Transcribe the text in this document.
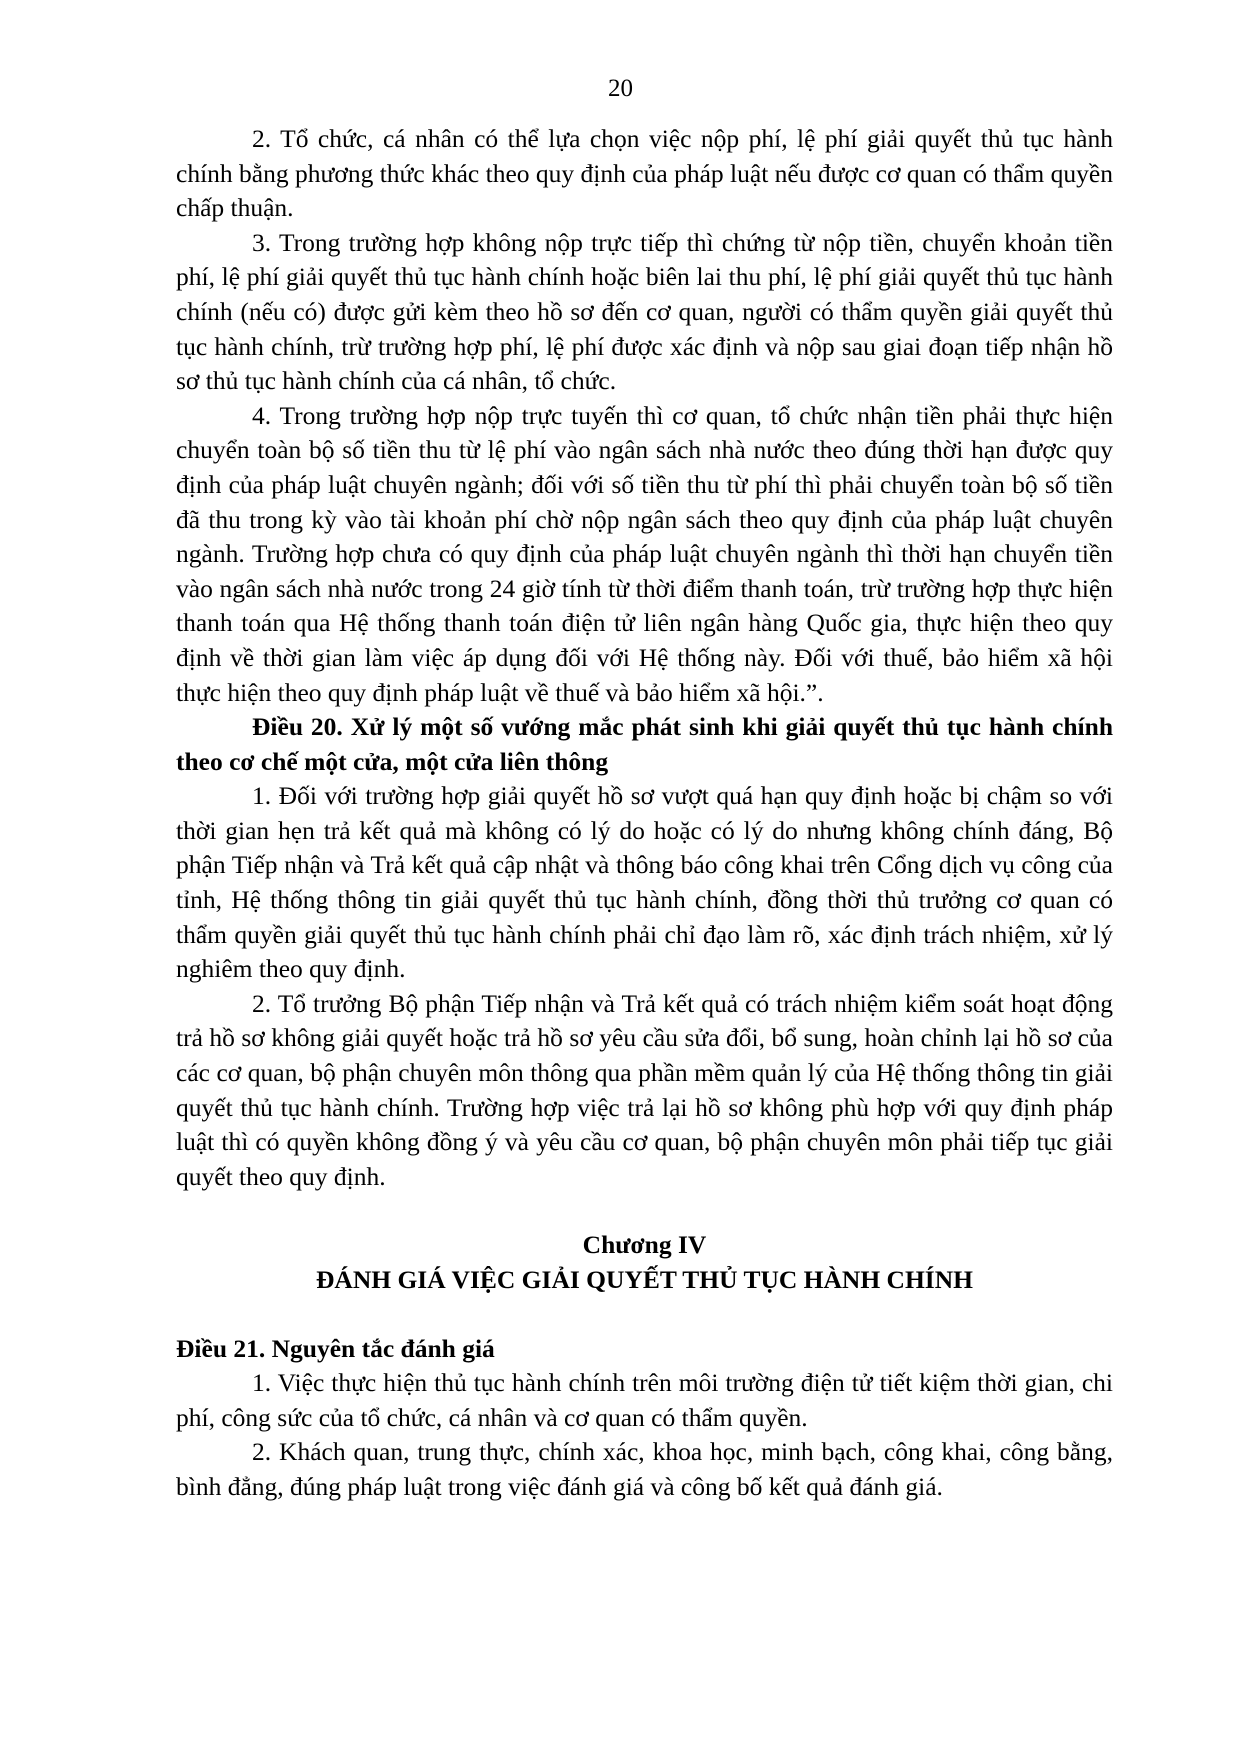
20

2. Tổ chức, cá nhân có thể lựa chọn việc nộp phí, lệ phí giải quyết thủ tục hành chính bằng phương thức khác theo quy định của pháp luật nếu được cơ quan có thẩm quyền chấp thuận.

3. Trong trường hợp không nộp trực tiếp thì chứng từ nộp tiền, chuyển khoản tiền phí, lệ phí giải quyết thủ tục hành chính hoặc biên lai thu phí, lệ phí giải quyết thủ tục hành chính (nếu có) được gửi kèm theo hồ sơ đến cơ quan, người có thẩm quyền giải quyết thủ tục hành chính, trừ trường hợp phí, lệ phí được xác định và nộp sau giai đoạn tiếp nhận hồ sơ thủ tục hành chính của cá nhân, tổ chức.

4. Trong trường hợp nộp trực tuyến thì cơ quan, tổ chức nhận tiền phải thực hiện chuyển toàn bộ số tiền thu từ lệ phí vào ngân sách nhà nước theo đúng thời hạn được quy định của pháp luật chuyên ngành; đối với số tiền thu từ phí thì phải chuyển toàn bộ số tiền đã thu trong kỳ vào tài khoản phí chờ nộp ngân sách theo quy định của pháp luật chuyên ngành. Trường hợp chưa có quy định của pháp luật chuyên ngành thì thời hạn chuyển tiền vào ngân sách nhà nước trong 24 giờ tính từ thời điểm thanh toán, trừ trường hợp thực hiện thanh toán qua Hệ thống thanh toán điện tử liên ngân hàng Quốc gia, thực hiện theo quy định về thời gian làm việc áp dụng đối với Hệ thống này. Đối với thuế, bảo hiểm xã hội thực hiện theo quy định pháp luật về thuế và bảo hiểm xã hội.”.

Điều 20. Xử lý một số vướng mắc phát sinh khi giải quyết thủ tục hành chính theo cơ chế một cửa, một cửa liên thông

1. Đối với trường hợp giải quyết hồ sơ vượt quá hạn quy định hoặc bị chậm so với thời gian hẹn trả kết quả mà không có lý do hoặc có lý do nhưng không chính đáng, Bộ phận Tiếp nhận và Trả kết quả cập nhật và thông báo công khai trên Cổng dịch vụ công của tỉnh, Hệ thống thông tin giải quyết thủ tục hành chính, đồng thời thủ trưởng cơ quan có thẩm quyền giải quyết thủ tục hành chính phải chỉ đạo làm rõ, xác định trách nhiệm, xử lý nghiêm theo quy định.

2. Tổ trưởng Bộ phận Tiếp nhận và Trả kết quả có trách nhiệm kiểm soát hoạt động trả hồ sơ không giải quyết hoặc trả hồ sơ yêu cầu sửa đổi, bổ sung, hoàn chỉnh lại hồ sơ của các cơ quan, bộ phận chuyên môn thông qua phần mềm quản lý của Hệ thống thông tin giải quyết thủ tục hành chính. Trường hợp việc trả lại hồ sơ không phù hợp với quy định pháp luật thì có quyền không đồng ý và yêu cầu cơ quan, bộ phận chuyên môn phải tiếp tục giải quyết theo quy định.

Chương IV

ĐÁNH GIÁ VIỆC GIẢI QUYẾT THỦ TỤC HÀNH CHÍNH

Điều 21. Nguyên tắc đánh giá

1. Việc thực hiện thủ tục hành chính trên môi trường điện tử tiết kiệm thời gian, chi phí, công sức của tổ chức, cá nhân và cơ quan có thẩm quyền.

2. Khách quan, trung thực, chính xác, khoa học, minh bạch, công khai, công bằng, bình đẳng, đúng pháp luật trong việc đánh giá và công bố kết quả đánh giá.
